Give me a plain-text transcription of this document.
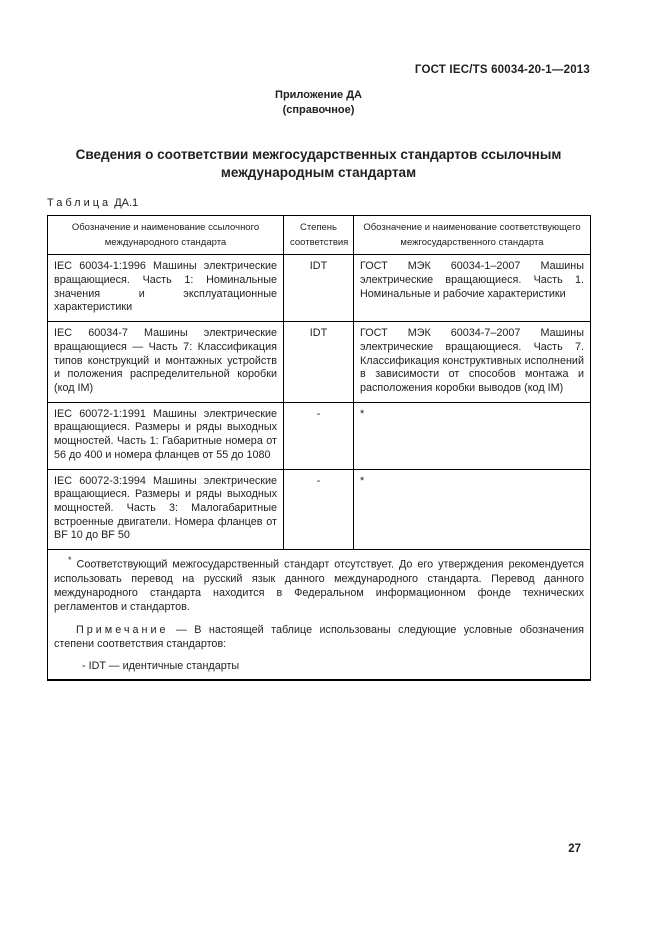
ГОСТ IEC/TS 60034-20-1—2013
Приложение ДА
(справочное)
Сведения о соответствии межгосударственных стандартов ссылочным международным стандартам
Таблица ДА.1
Обозначение и наименование ссылочного международного стандарта	Степень соответствия	Обозначение и наименование соответствующего межгосударственного стандарта
IEC 60034-1:1996 Машины электрические вращающиеся. Часть 1: Номинальные значения и эксплуатационные характеристики	IDT	ГОСТ МЭК 60034-1–2007 Машины электрические вращающиеся. Часть 1. Номинальные и рабочие характеристики
IEC 60034-7 Машины электрические вращающиеся — Часть 7: Классификация типов конструкций и монтажных устройств и положения распределительной коробки (код IM)	IDT	ГОСТ МЭК 60034-7–2007 Машины электрические вращающиеся. Часть 7. Классификация конструктивных исполнений в зависимости от способов монтажа и расположения коробки выводов (код IM)
IEC 60072-1:1991 Машины электрические вращающиеся. Размеры и ряды выходных мощностей. Часть 1: Габаритные номера от 56 до 400 и номера фланцев от 55 до 1080	-	*
IEC 60072-3:1994 Машины электрические вращающиеся. Размеры и ряды выходных мощностей. Часть 3: Малогабаритные встроенные двигатели. Номера фланцев от BF 10 до BF 50	-	*

* Соответствующий межгосударственный стандарт отсутствует. До его утверждения рекомендуется использовать перевод на русский язык данного международного стандарта. Перевод данного международного стандарта находится в Федеральном информационном фонде технических регламентов и стандартов.

Примечание — В настоящей таблице использованы следующие условные обозначения степени соответствия стандартов:

- IDT — идентичные стандарты		

27
